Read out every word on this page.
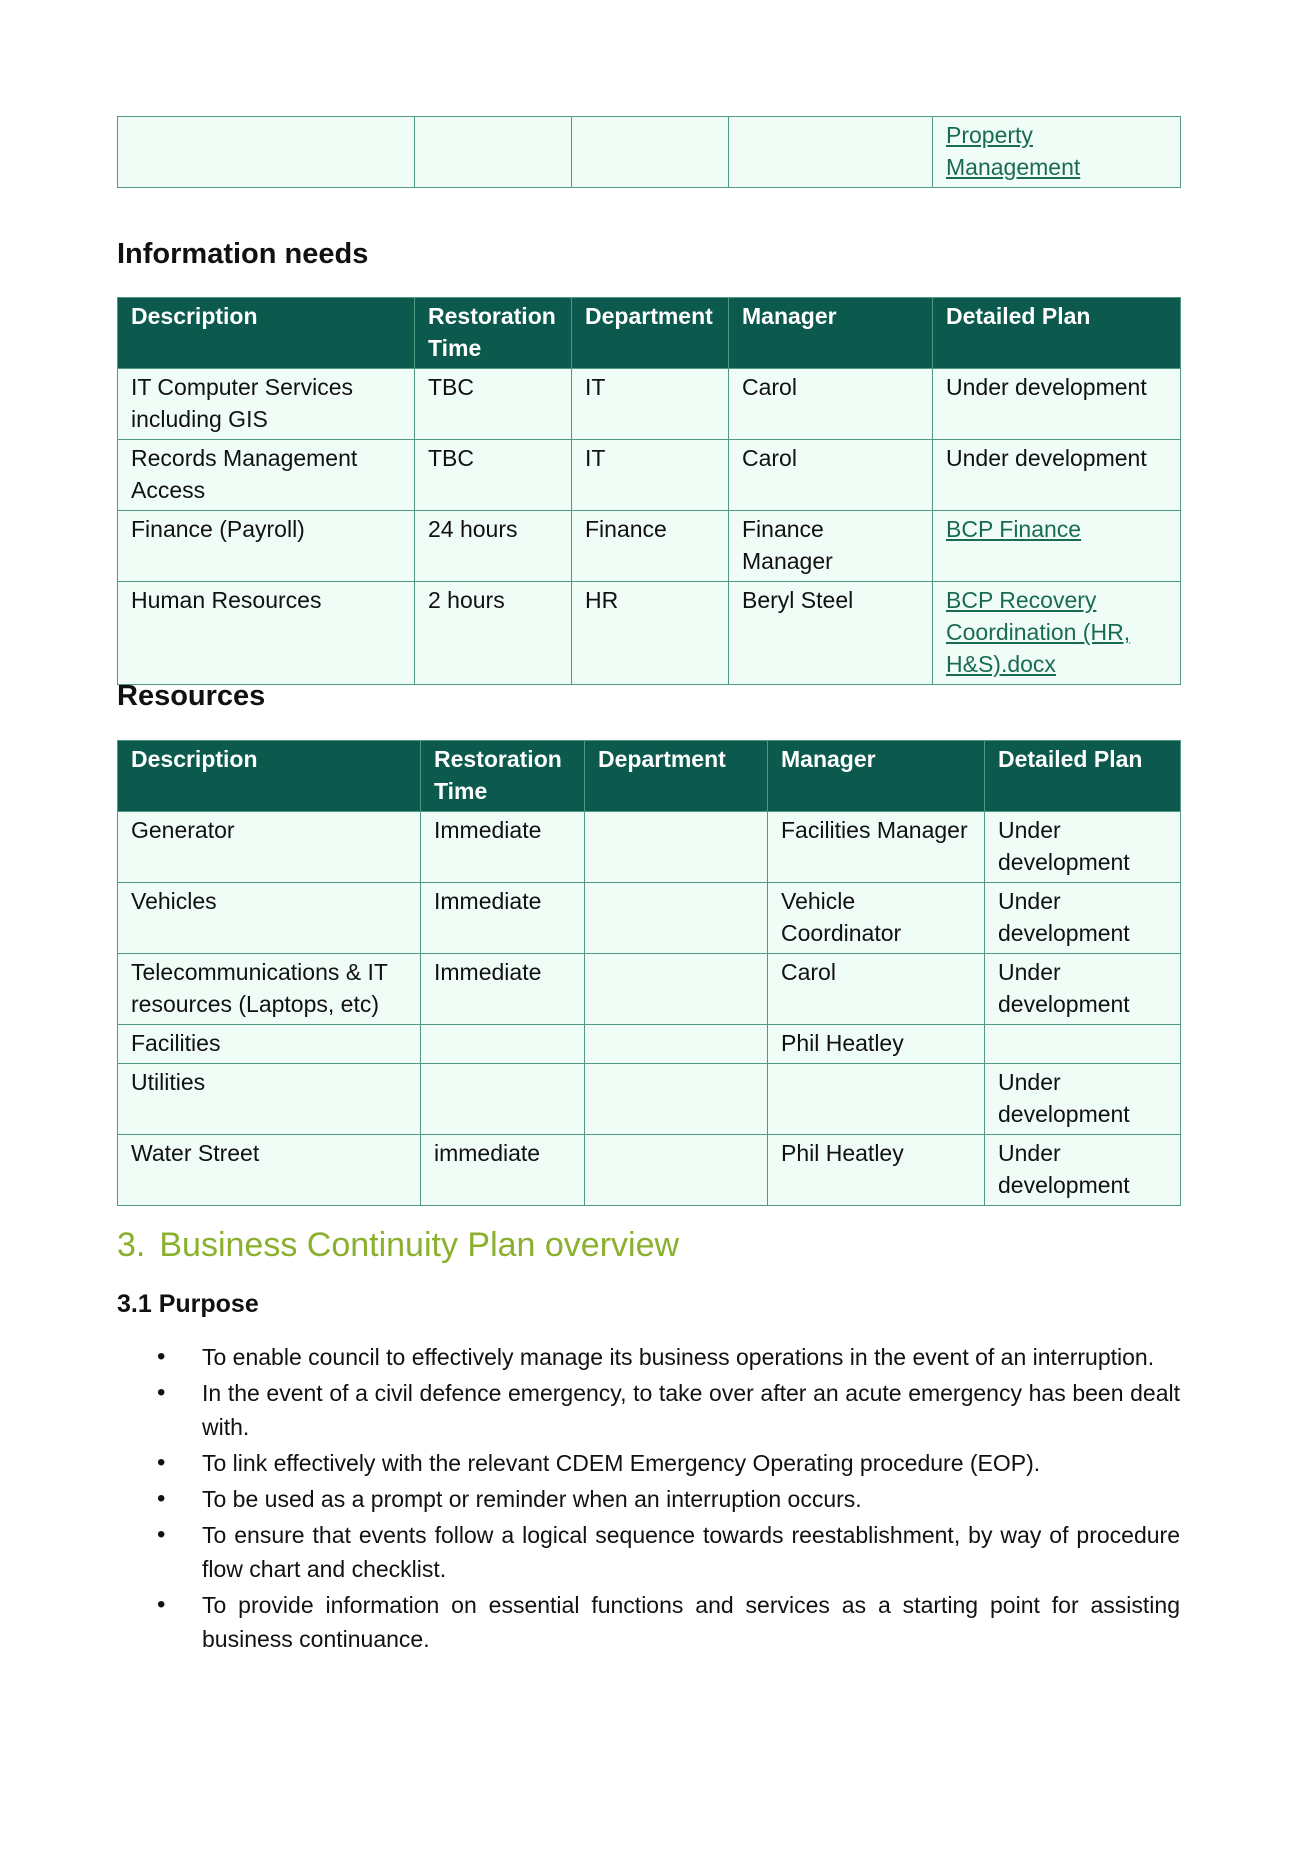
				Property Management
Information needs
Description	Restoration Time	Department	Manager	Detailed Plan
IT Computer Services including GIS	TBC	IT	Carol	Under development
Records Management Access	TBC	IT	Carol	Under development
Finance (Payroll)	24 hours	Finance	Finance Manager	BCP Finance
Human Resources	2 hours	HR	Beryl Steel	BCP Recovery Coordination (HR, H&S).docx
Resources
Description	Restoration Time	Department	Manager	Detailed Plan
Generator	Immediate		Facilities Manager	Under development
Vehicles	Immediate		Vehicle Coordinator	Under development
Telecommunications & IT resources (Laptops, etc)	Immediate		Carol	Under development
Facilities			Phil Heatley	
Utilities				Under development
Water Street	immediate		Phil Heatley	Under development
3. Business Continuity Plan overview
3.1 Purpose
• To enable council to effectively manage its business operations in the event of an interruption.
• In the event of a civil defence emergency, to take over after an acute emergency has been dealt with.
• To link effectively with the relevant CDEM Emergency Operating procedure (EOP).
• To be used as a prompt or reminder when an interruption occurs.
• To ensure that events follow a logical sequence towards reestablishment, by way of procedure flow chart and checklist.
• To provide information on essential functions and services as a starting point for assisting business continuance.
